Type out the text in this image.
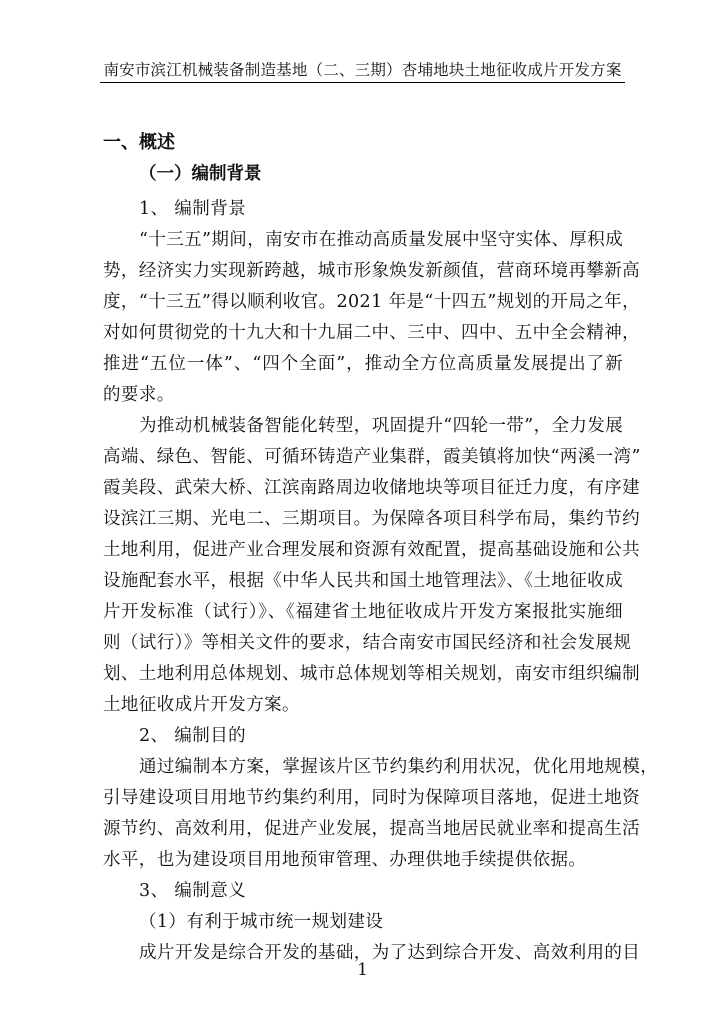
南安市滨江机械装备制造基地（二、三期）杏埔地块土地征收成片开发方案
一、概述
（一）编制背景
1、 编制背景
“十三五”期间，南安市在推动高质量发展中坚守实体、厚积成
势，经济实力实现新跨越，城市形象焕发新颜值，营商环境再攀新高
度，“十三五”得以顺利收官。2021 年是“十四五”规划的开局之年，
对如何贯彻党的十九大和十九届二中、三中、四中、五中全会精神，
推进“五位一体”、“四个全面”，推动全方位高质量发展提出了新
的要求。
为推动机械装备智能化转型，巩固提升“四轮一带”，全力发展
高端、绿色、智能、可循环铸造产业集群，霞美镇将加快“两溪一湾”
霞美段、武荣大桥、江滨南路周边收储地块等项目征迁力度，有序建
设滨江三期、光电二、三期项目。为保障各项目科学布局，集约节约
土地利用，促进产业合理发展和资源有效配置，提高基础设施和公共
设施配套水平，根据《中华人民共和国土地管理法》、《土地征收成
片开发标准（试行）》、《福建省土地征收成片开发方案报批实施细
则（试行）》等相关文件的要求，结合南安市国民经济和社会发展规
划、土地利用总体规划、城市总体规划等相关规划，南安市组织编制
土地征收成片开发方案。
2、 编制目的
通过编制本方案，掌握该片区节约集约利用状况，优化用地规模，
引导建设项目用地节约集约利用，同时为保障项目落地，促进土地资
源节约、高效利用，促进产业发展，提高当地居民就业率和提高生活
水平，也为建设项目用地预审管理、办理供地手续提供依据。
3、 编制意义
（1）有利于城市统一规划建设
成片开发是综合开发的基础，为了达到综合开发、高效利用的目
1
